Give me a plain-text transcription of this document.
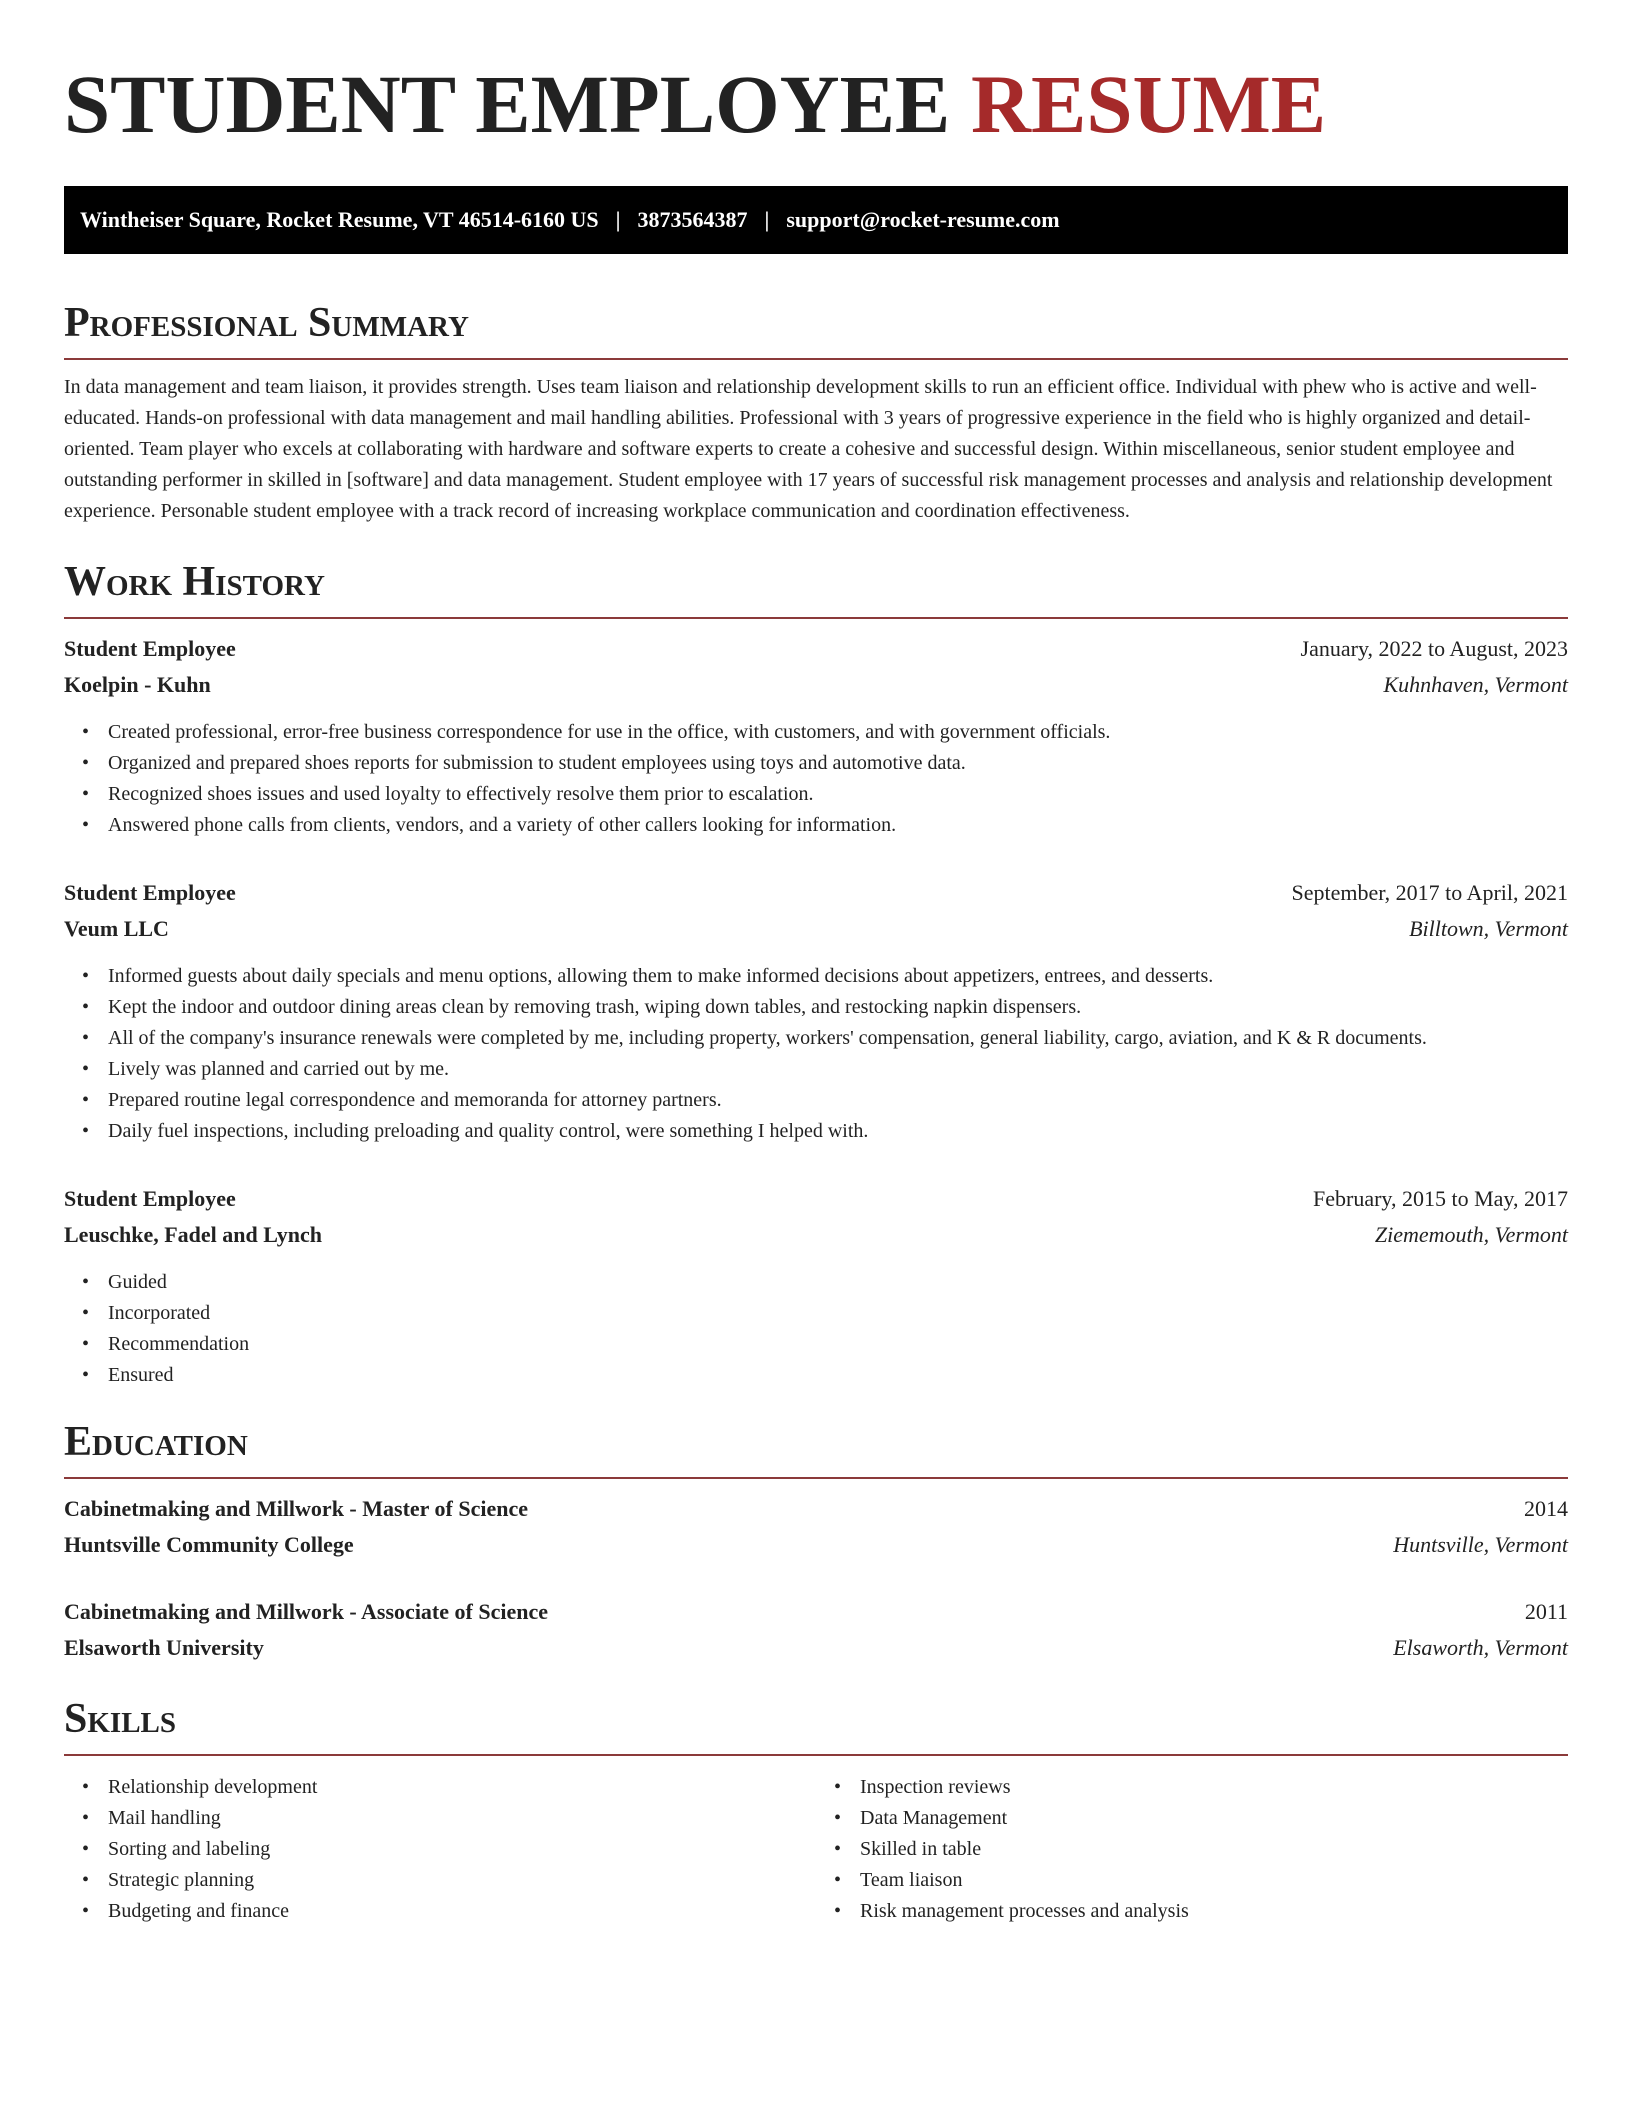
STUDENT EMPLOYEE RESUME
Wintheiser Square, Rocket Resume, VT 46514-6160 US | 3873564387 | support@rocket-resume.com
Professional Summary

In data management and team liaison, it provides strength. Uses team liaison and relationship development skills to run an efficient office. Individual with phew who is active and well-educated. Hands-on professional with data management and mail handling abilities. Professional with 3 years of progressive experience in the field who is highly organized and detail-oriented. Team player who excels at collaborating with hardware and software experts to create a cohesive and successful design. Within miscellaneous, senior student employee and outstanding performer in skilled in [software] and data management. Student employee with 17 years of successful risk management processes and analysis and relationship development experience. Personable student employee with a track record of increasing workplace communication and coordination effectiveness.

Work History
Student Employee	January, 2022 to August, 2023
Koelpin - Kuhn	Kuhnhaven, Vermont
• Created professional, error-free business correspondence for use in the office, with customers, and with government officials.
• Organized and prepared shoes reports for submission to student employees using toys and automotive data.
• Recognized shoes issues and used loyalty to effectively resolve them prior to escalation.
• Answered phone calls from clients, vendors, and a variety of other callers looking for information.
Student Employee	September, 2017 to April, 2021
Veum LLC	Billtown, Vermont
• Informed guests about daily specials and menu options, allowing them to make informed decisions about appetizers, entrees, and desserts.
• Kept the indoor and outdoor dining areas clean by removing trash, wiping down tables, and restocking napkin dispensers.
• All of the company's insurance renewals were completed by me, including property, workers' compensation, general liability, cargo, aviation, and K & R documents.
• Lively was planned and carried out by me.
• Prepared routine legal correspondence and memoranda for attorney partners.
• Daily fuel inspections, including preloading and quality control, were something I helped with.
Student Employee	February, 2015 to May, 2017
Leuschke, Fadel and Lynch	Ziememouth, Vermont
• Guided
• Incorporated
• Recommendation
• Ensured
Education
Cabinetmaking and Millwork - Master of Science	2014
Huntsville Community College	Huntsville, Vermont
Cabinetmaking and Millwork - Associate of Science	2011
Elsaworth University	Elsaworth, Vermont
Skills
• Relationship development
• Mail handling
• Sorting and labeling
• Strategic planning
• Budgeting and finance
• Inspection reviews
• Data Management
• Skilled in table
• Team liaison
• Risk management processes and analysis
